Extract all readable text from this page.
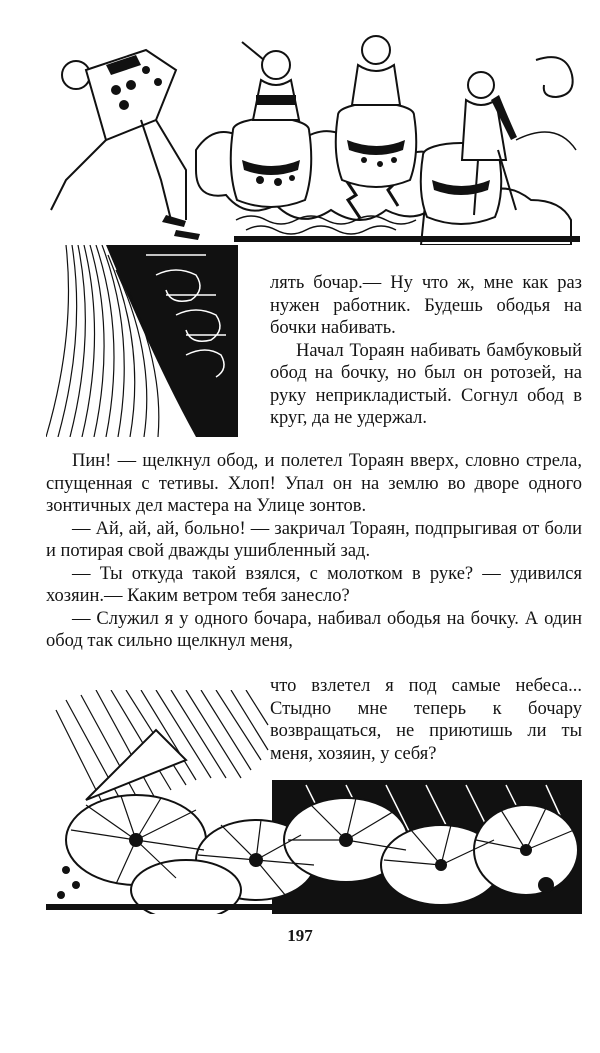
лять бочар.— Ну что ж, мне как раз нужен работник. Будешь ободья на бочки набивать.

Начал Тораян набивать бамбуковый обод на бочку, но был он ротозей, на руку неприкладистый. Согнул обод в круг, да не удержал.

Пин! — щелкнул обод, и полетел Тораян вверх, словно стрела, спущенная с тетивы. Хлоп! Упал он на землю во дворе одного зонтичных дел мастера на Улице зонтов.

— Ай, ай, ай, больно! — закричал Тораян, подпрыгивая от боли и потирая свой дважды ушибленный зад.

— Ты откуда такой взялся, с молотком в руке? — удивился хозяин.— Каким ветром тебя занесло?

— Служил я у одного бочара, набивал ободья на бочку. А один обод так сильно щелкнул меня,

что взлетел я под самые небеса... Стыдно мне теперь к бочару возвращаться, не приютишь ли ты меня, хозяин, у себя?

197
